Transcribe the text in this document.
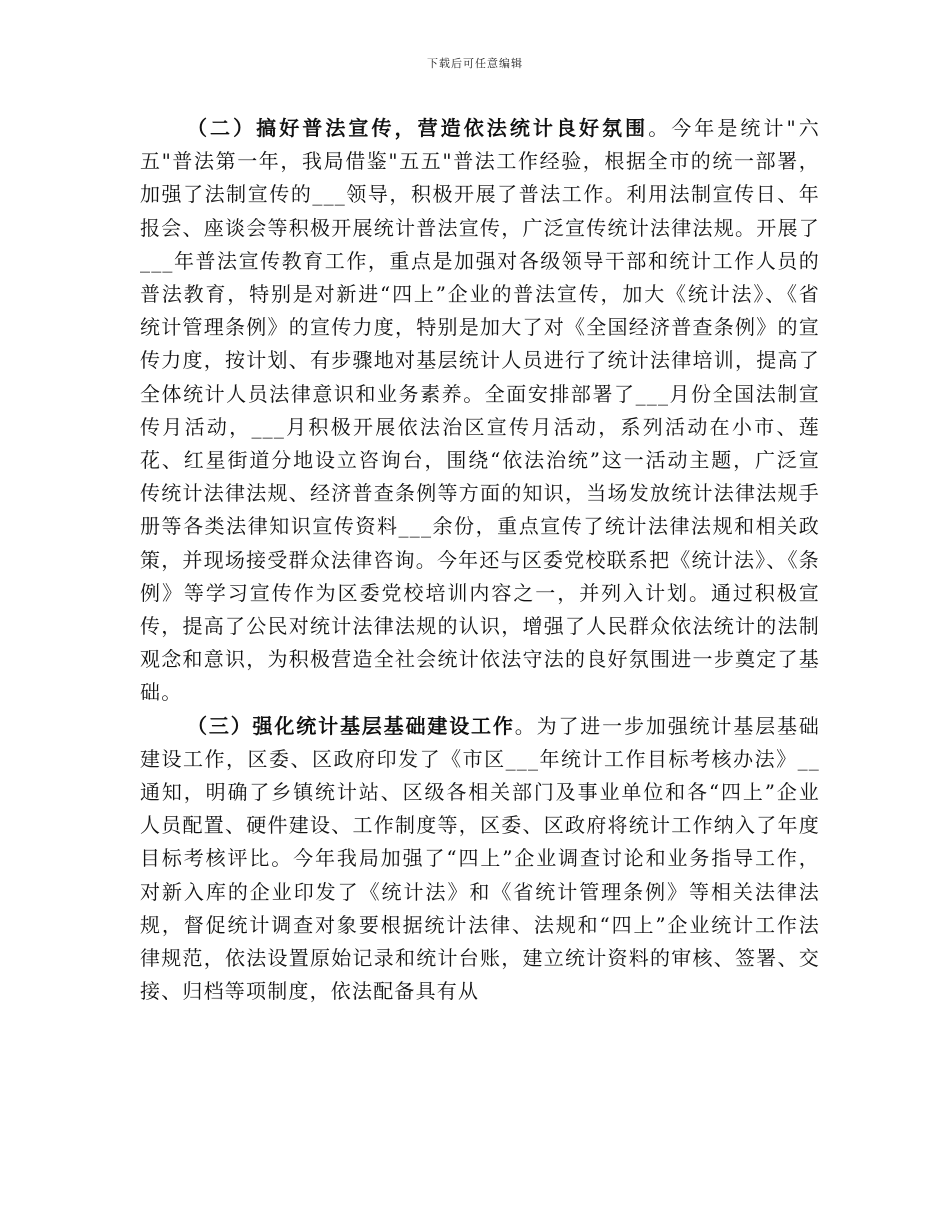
下载后可任意编辑

（二）搞好普法宣传，营造依法统计良好氛围。今年是统计"六五"普法第一年，我局借鉴"五五"普法工作经验，根据全市的统一部署，加强了法制宣传的___领导，积极开展了普法工作。利用法制宣传日、年报会、座谈会等积极开展统计普法宣传，广泛宣传统计法律法规。开展了___年普法宣传教育工作，重点是加强对各级领导干部和统计工作人员的普法教育，特别是对新进“四上”企业的普法宣传，加大《统计法》、《省统计管理条例》的宣传力度，特别是加大了对《全国经济普查条例》的宣传力度，按计划、有步骤地对基层统计人员进行了统计法律培训，提高了全体统计人员法律意识和业务素养。全面安排部署了___月份全国法制宣传月活动，___月积极开展依法治区宣传月活动，系列活动在小市、莲花、红星街道分地设立咨询台，围绕“依法治统”这一活动主题，广泛宣传统计法律法规、经济普查条例等方面的知识，当场发放统计法律法规手册等各类法律知识宣传资料___余份，重点宣传了统计法律法规和相关政策，并现场接受群众法律咨询。今年还与区委党校联系把《统计法》、《条例》等学习宣传作为区委党校培训内容之一，并列入计划。通过积极宣传，提高了公民对统计法律法规的认识，增强了人民群众依法统计的法制观念和意识，为积极营造全社会统计依法守法的良好氛围进一步奠定了基础。

（三）强化统计基层基础建设工作。为了进一步加强统计基层基础建设工作，区委、区政府印发了《市区___年统计工作目标考核办法》__通知，明确了乡镇统计站、区级各相关部门及事业单位和各“四上”企业人员配置、硬件建设、工作制度等，区委、区政府将统计工作纳入了年度目标考核评比。今年我局加强了“四上”企业调查讨论和业务指导工作，对新入库的企业印发了《统计法》和《省统计管理条例》等相关法律法规，督促统计调查对象要根据统计法律、法规和“四上”企业统计工作法律规范，依法设置原始记录和统计台账，建立统计资料的审核、签署、交接、归档等项制度，依法配备具有从
